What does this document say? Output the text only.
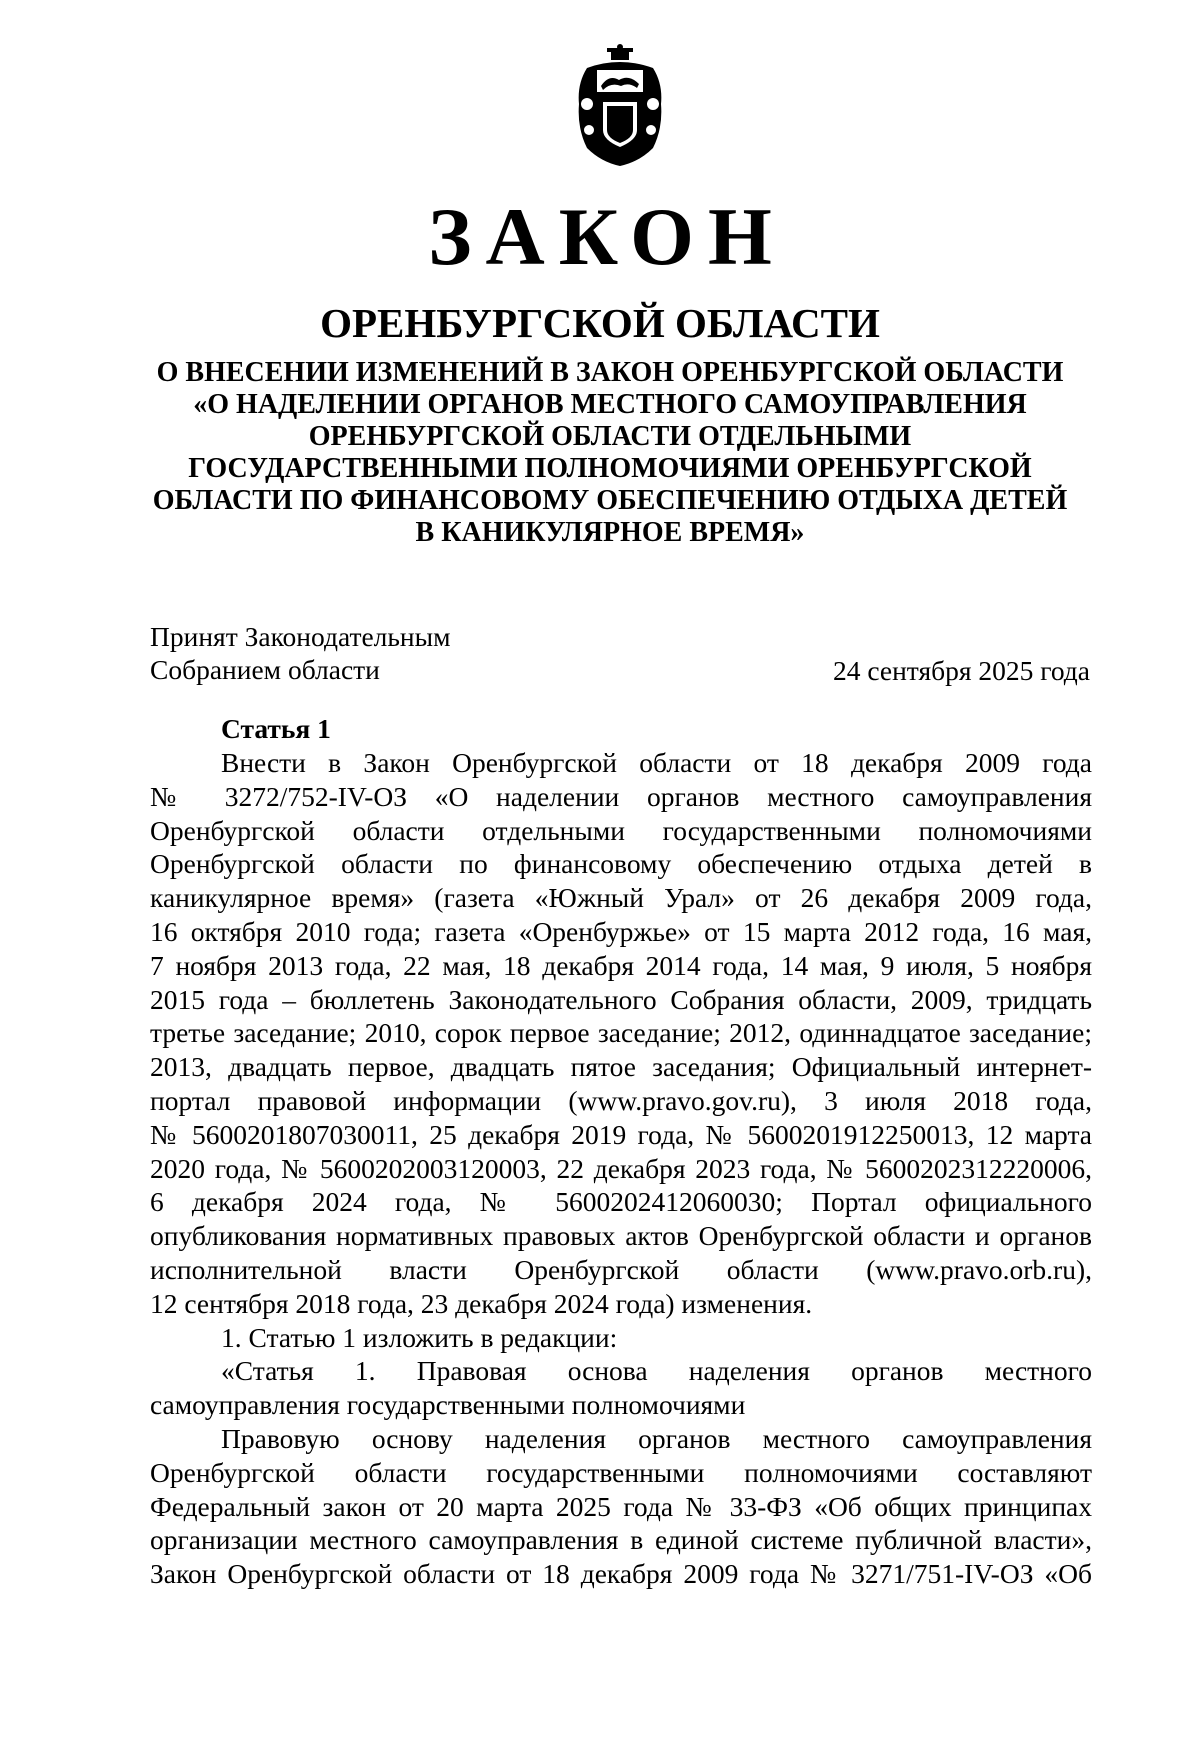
ЗАКОН
ОРЕНБУРГСКОЙ ОБЛАСТИ
О ВНЕСЕНИИ ИЗМЕНЕНИЙ В ЗАКОН ОРЕНБУРГСКОЙ ОБЛАСТИ
«О НАДЕЛЕНИИ ОРГАНОВ МЕСТНОГО САМОУПРАВЛЕНИЯ
ОРЕНБУРГСКОЙ ОБЛАСТИ ОТДЕЛЬНЫМИ
ГОСУДАРСТВЕННЫМИ ПОЛНОМОЧИЯМИ ОРЕНБУРГСКОЙ
ОБЛАСТИ ПО ФИНАНСОВОМУ ОБЕСПЕЧЕНИЮ ОТДЫХА ДЕТЕЙ
В КАНИКУЛЯРНОЕ ВРЕМЯ»
Принят Законодательным
Собранием области	24 сентября 2025 года
Статья 1
Внести в Закон Оренбургской области от 18 декабря 2009 года
№ 3272/752-IV-ОЗ «О наделении органов местного самоуправления
Оренбургской области отдельными государственными полномочиями
Оренбургской области по финансовому обеспечению отдыха детей в
каникулярное время» (газета «Южный Урал» от 26 декабря 2009 года,
16 октября 2010 года; газета «Оренбуржье» от 15 марта 2012 года, 16 мая,
7 ноября 2013 года, 22 мая, 18 декабря 2014 года, 14 мая, 9 июля, 5 ноября
2015 года – бюллетень Законодательного Собрания области, 2009, тридцать
третье заседание; 2010, сорок первое заседание; 2012, одиннадцатое заседание;
2013, двадцать первое, двадцать пятое заседания; Официальный интернет-
портал правовой информации (www.pravo.gov.ru), 3 июля 2018 года,
№ 5600201807030011, 25 декабря 2019 года, № 5600201912250013, 12 марта
2020 года, № 5600202003120003, 22 декабря 2023 года, № 5600202312220006,
6 декабря 2024 года, № 5600202412060030; Портал официального
опубликования нормативных правовых актов Оренбургской области и органов
исполнительной власти Оренбургской области (www.pravo.orb.ru),
12 сентября 2018 года, 23 декабря 2024 года) изменения.
1. Статью 1 изложить в редакции:
«Статья 1. Правовая основа наделения органов местного
самоуправления государственными полномочиями
Правовую основу наделения органов местного самоуправления
Оренбургской области государственными полномочиями составляют
Федеральный закон от 20 марта 2025 года № 33-ФЗ «Об общих принципах
организации местного самоуправления в единой системе публичной власти»,
Закон Оренбургской области от 18 декабря 2009 года № 3271/751-IV-ОЗ «Об
